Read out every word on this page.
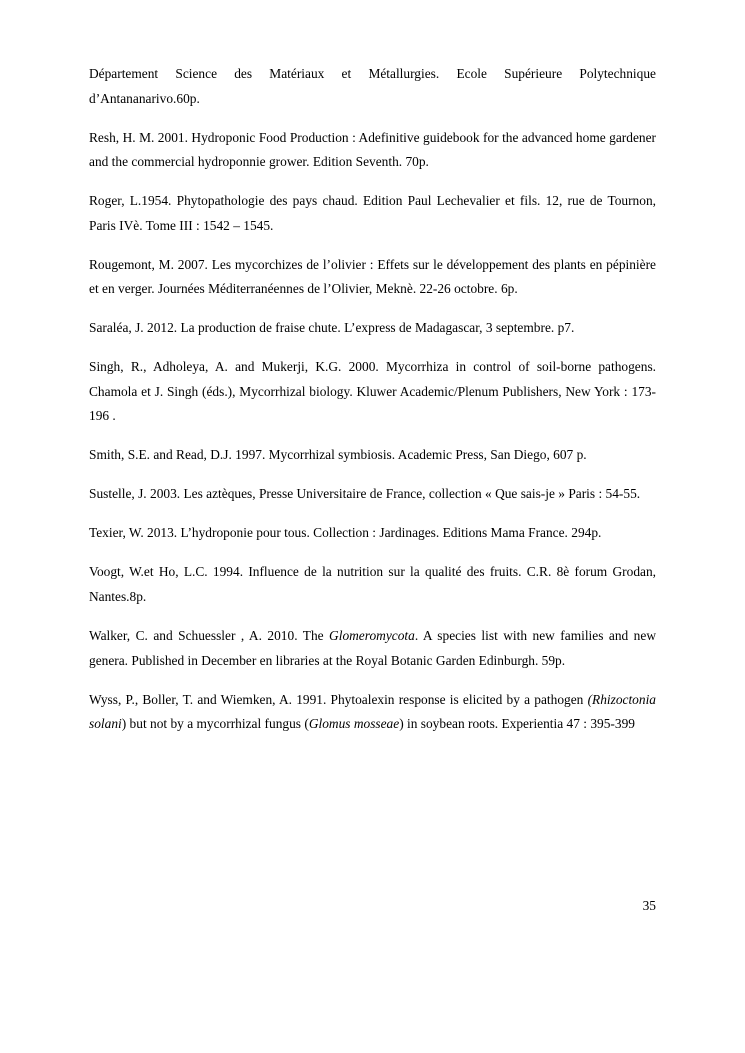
Département Science des Matériaux et Métallurgies. Ecole Supérieure Polytechnique d’Antananarivo.60p.

Resh, H. M. 2001. Hydroponic Food Production : Adefinitive guidebook for the advanced home gardener and the commercial hydroponnie grower. Edition Seventh. 70p.

Roger, L.1954. Phytopathologie des pays chaud. Edition Paul Lechevalier et fils. 12, rue de Tournon, Paris IVè. Tome III : 1542 – 1545.

Rougemont, M. 2007. Les mycorchizes de l’olivier : Effets sur le développement des plants en pépinière et en verger. Journées Méditerranéennes de l’Olivier, Meknè. 22-26 octobre. 6p.

Saraléa, J. 2012. La production de fraise chute. L’express de Madagascar, 3 septembre. p7.

Singh, R., Adholeya, A. and Mukerji, K.G. 2000. Mycorrhiza in control of soil-borne pathogens. Chamola et J. Singh (éds.), Mycorrhizal biology. Kluwer Academic/Plenum Publishers, New York : 173-196 .

Smith, S.E. and Read, D.J. 1997. Mycorrhizal symbiosis. Academic Press, San Diego, 607 p.

Sustelle, J. 2003. Les aztèques, Presse Universitaire de France, collection « Que sais-je » Paris : 54-55.

Texier, W. 2013. L’hydroponie pour tous. Collection : Jardinages. Editions Mama France. 294p.

Voogt, W.et Ho, L.C. 1994. Influence de la nutrition sur la qualité des fruits. C.R. 8è forum Grodan, Nantes.8p.

Walker, C. and Schuessler , A. 2010. The Glomeromycota. A species list with new families and new genera. Published in December en libraries at the Royal Botanic Garden Edinburgh. 59p.

Wyss, P., Boller, T. and Wiemken, A. 1991. Phytoalexin response is elicited by a pathogen (Rhizoctonia solani) but not by a mycorrhizal fungus (Glomus mosseae) in soybean roots. Experientia 47 : 395-399

35
